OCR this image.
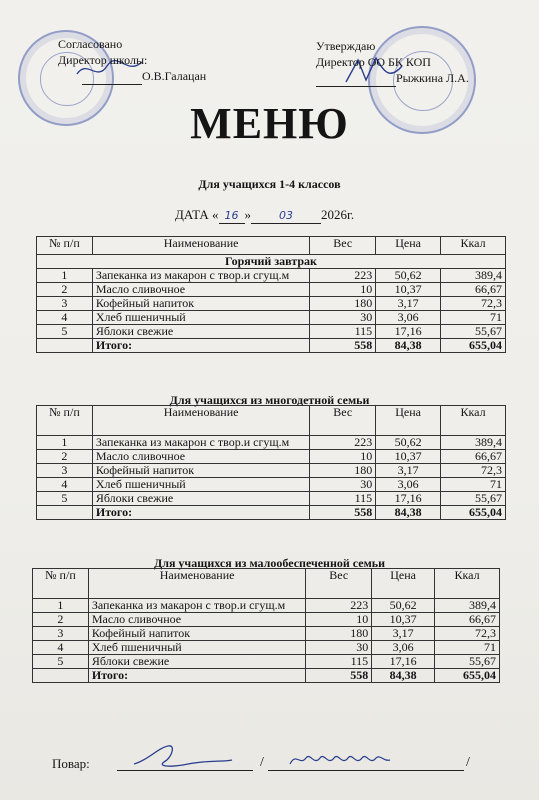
Согласовано
Директор школы:
О.В.Галацан
Утверждаю
Директор ОО БК КОП
Рыжкина Л.А.
МЕНЮ
Для учащихся 1-4 классов
ДАТА « 16 »	03 2026г.
№ п/п	Наименование	Вес	Цена	Ккал
Горячий завтрак				
1	Запеканка из макарон с твор.и сгущ.м	223	50,62	389,4
2	Масло сливочное	10	10,37	66,67
3	Кофейный напиток	180	3,17	72,3
4	Хлеб пшеничный	30	3,06	71
5	Яблоки свежие	115	17,16	55,67
	Итого:	558	84,38	655,04
Для учащихся из многодетной семьи
№ п/п	Наименование	Вес	Цена	Ккал
1	Запеканка из макарон с твор.и сгущ.м	223	50,62	389,4
2	Масло сливочное	10	10,37	66,67
3	Кофейный напиток	180	3,17	72,3
4	Хлеб пшеничный	30	3,06	71
5	Яблоки свежие	115	17,16	55,67
	Итого:	558	84,38	655,04
Для учащихся из малообеспеченной семьи
№ п/п	Наименование	Вес	Цена	Ккал
1	Запеканка из макарон с твор.и сгущ.м	223	50,62	389,4
2	Масло сливочное	10	10,37	66,67
3	Кофейный напиток	180	3,17	72,3
4	Хлеб пшеничный	30	3,06	71
5	Яблоки свежие	115	17,16	55,67
	Итого:	558	84,38	655,04
Повар:	/	/
